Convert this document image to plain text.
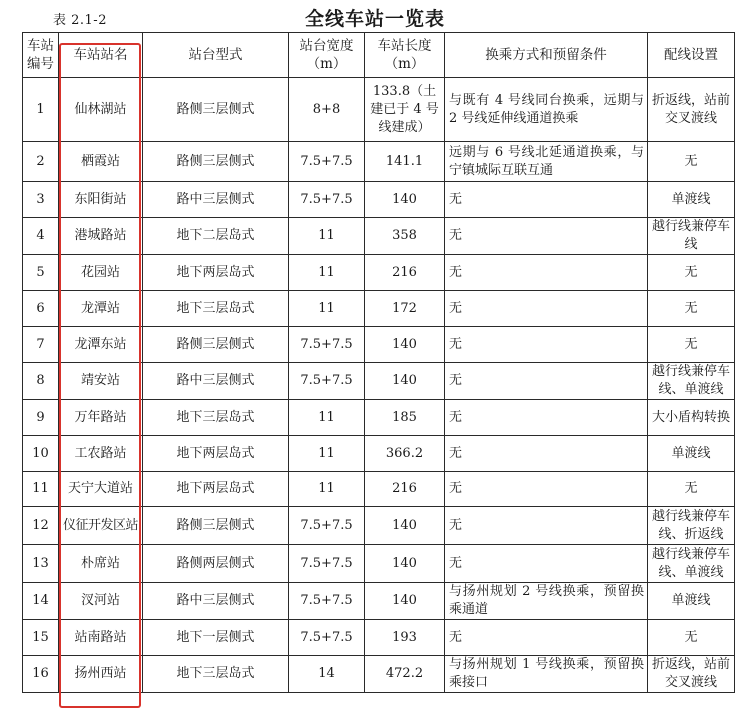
表 2.1-2	全线车站一览表
车站编号	车站站名	站台型式	站台宽度（m）	车站长度（m）	换乘方式和预留条件	配线设置
1	仙林湖站	路侧三层侧式	8+8	133.8（土建已于 4 号线建成）	与既有 4 号线同台换乘，远期与 2 号线延伸线通道换乘	折返线，站前交叉渡线
2	栖霞站	路侧三层侧式	7.5+7.5	141.1	远期与 6 号线北延通道换乘，与宁镇城际互联互通	无
3	东阳街站	路中三层侧式	7.5+7.5	140	无	单渡线
4	港城路站	地下二层岛式	11	358	无	越行线兼停车线
5	花园站	地下两层岛式	11	216	无	无
6	龙潭站	地下三层岛式	11	172	无	无
7	龙潭东站	路侧三层侧式	7.5+7.5	140	无	无
8	靖安站	路中三层侧式	7.5+7.5	140	无	越行线兼停车线、单渡线
9	万年路站	地下三层岛式	11	185	无	大小盾构转换
10	工农路站	地下两层岛式	11	366.2	无	单渡线
11	天宁大道站	地下两层岛式	11	216	无	无
12	仪征开发区站	路侧三层侧式	7.5+7.5	140	无	越行线兼停车线、折返线
13	朴席站	路侧两层侧式	7.5+7.5	140	无	越行线兼停车线、单渡线
14	汊河站	路中三层侧式	7.5+7.5	140	与扬州规划 2 号线换乘，预留换乘通道	单渡线
15	站南路站	地下一层侧式	7.5+7.5	193	无	无
16	扬州西站	地下三层岛式	14	472.2	与扬州规划 1 号线换乘，预留换乘接口	折返线，站前交叉渡线
